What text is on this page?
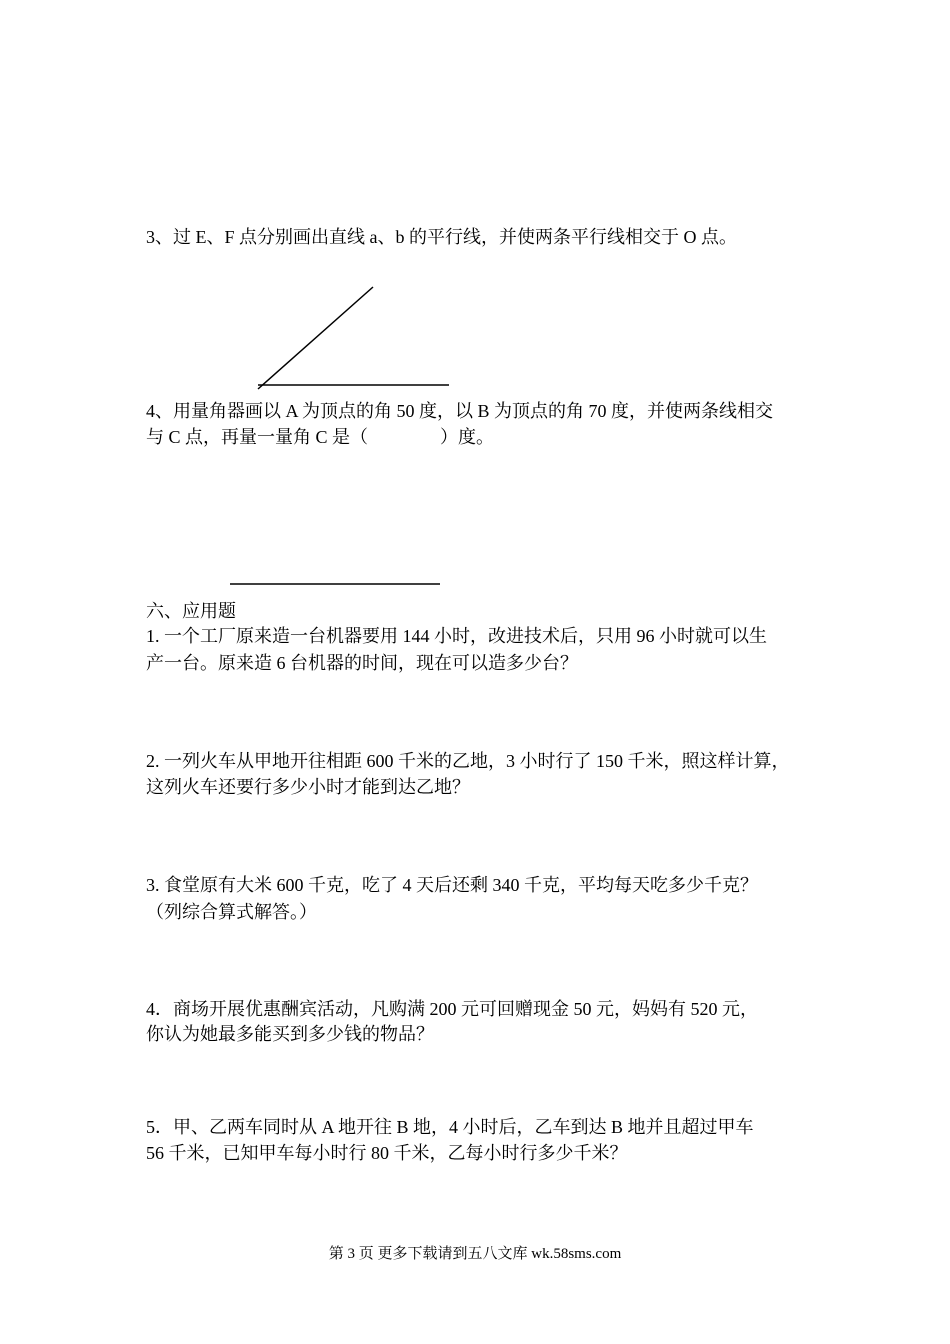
3、过 E、F 点分别画出直线 a、b 的平行线，并使两条平行线相交于 O 点。
4、用量角器画以 A 为顶点的角 50 度，以 B 为顶点的角 70 度，并使两条线相交
与 C 点，再量一量角 C 是（　　　　）度。
六、应用题
1. 一个工厂原来造一台机器要用 144 小时，改进技术后，只用 96 小时就可以生
产一台。原来造 6 台机器的时间，现在可以造多少台？
2. 一列火车从甲地开往相距 600 千米的乙地，3 小时行了 150 千米，照这样计算，
这列火车还要行多少小时才能到达乙地？
3. 食堂原有大米 600 千克，吃了 4 天后还剩 340 千克，平均每天吃多少千克？
（列综合算式解答。）
4．商场开展优惠酬宾活动，凡购满 200 元可回赠现金 50 元，妈妈有 520 元，
你认为她最多能买到多少钱的物品？
5．甲、乙两车同时从 A 地开往 B 地，4 小时后，乙车到达 B 地并且超过甲车
56 千米，已知甲车每小时行 80 千米，乙每小时行多少千米？
第 3 页 更多下载请到五八文库 wk.58sms.com
